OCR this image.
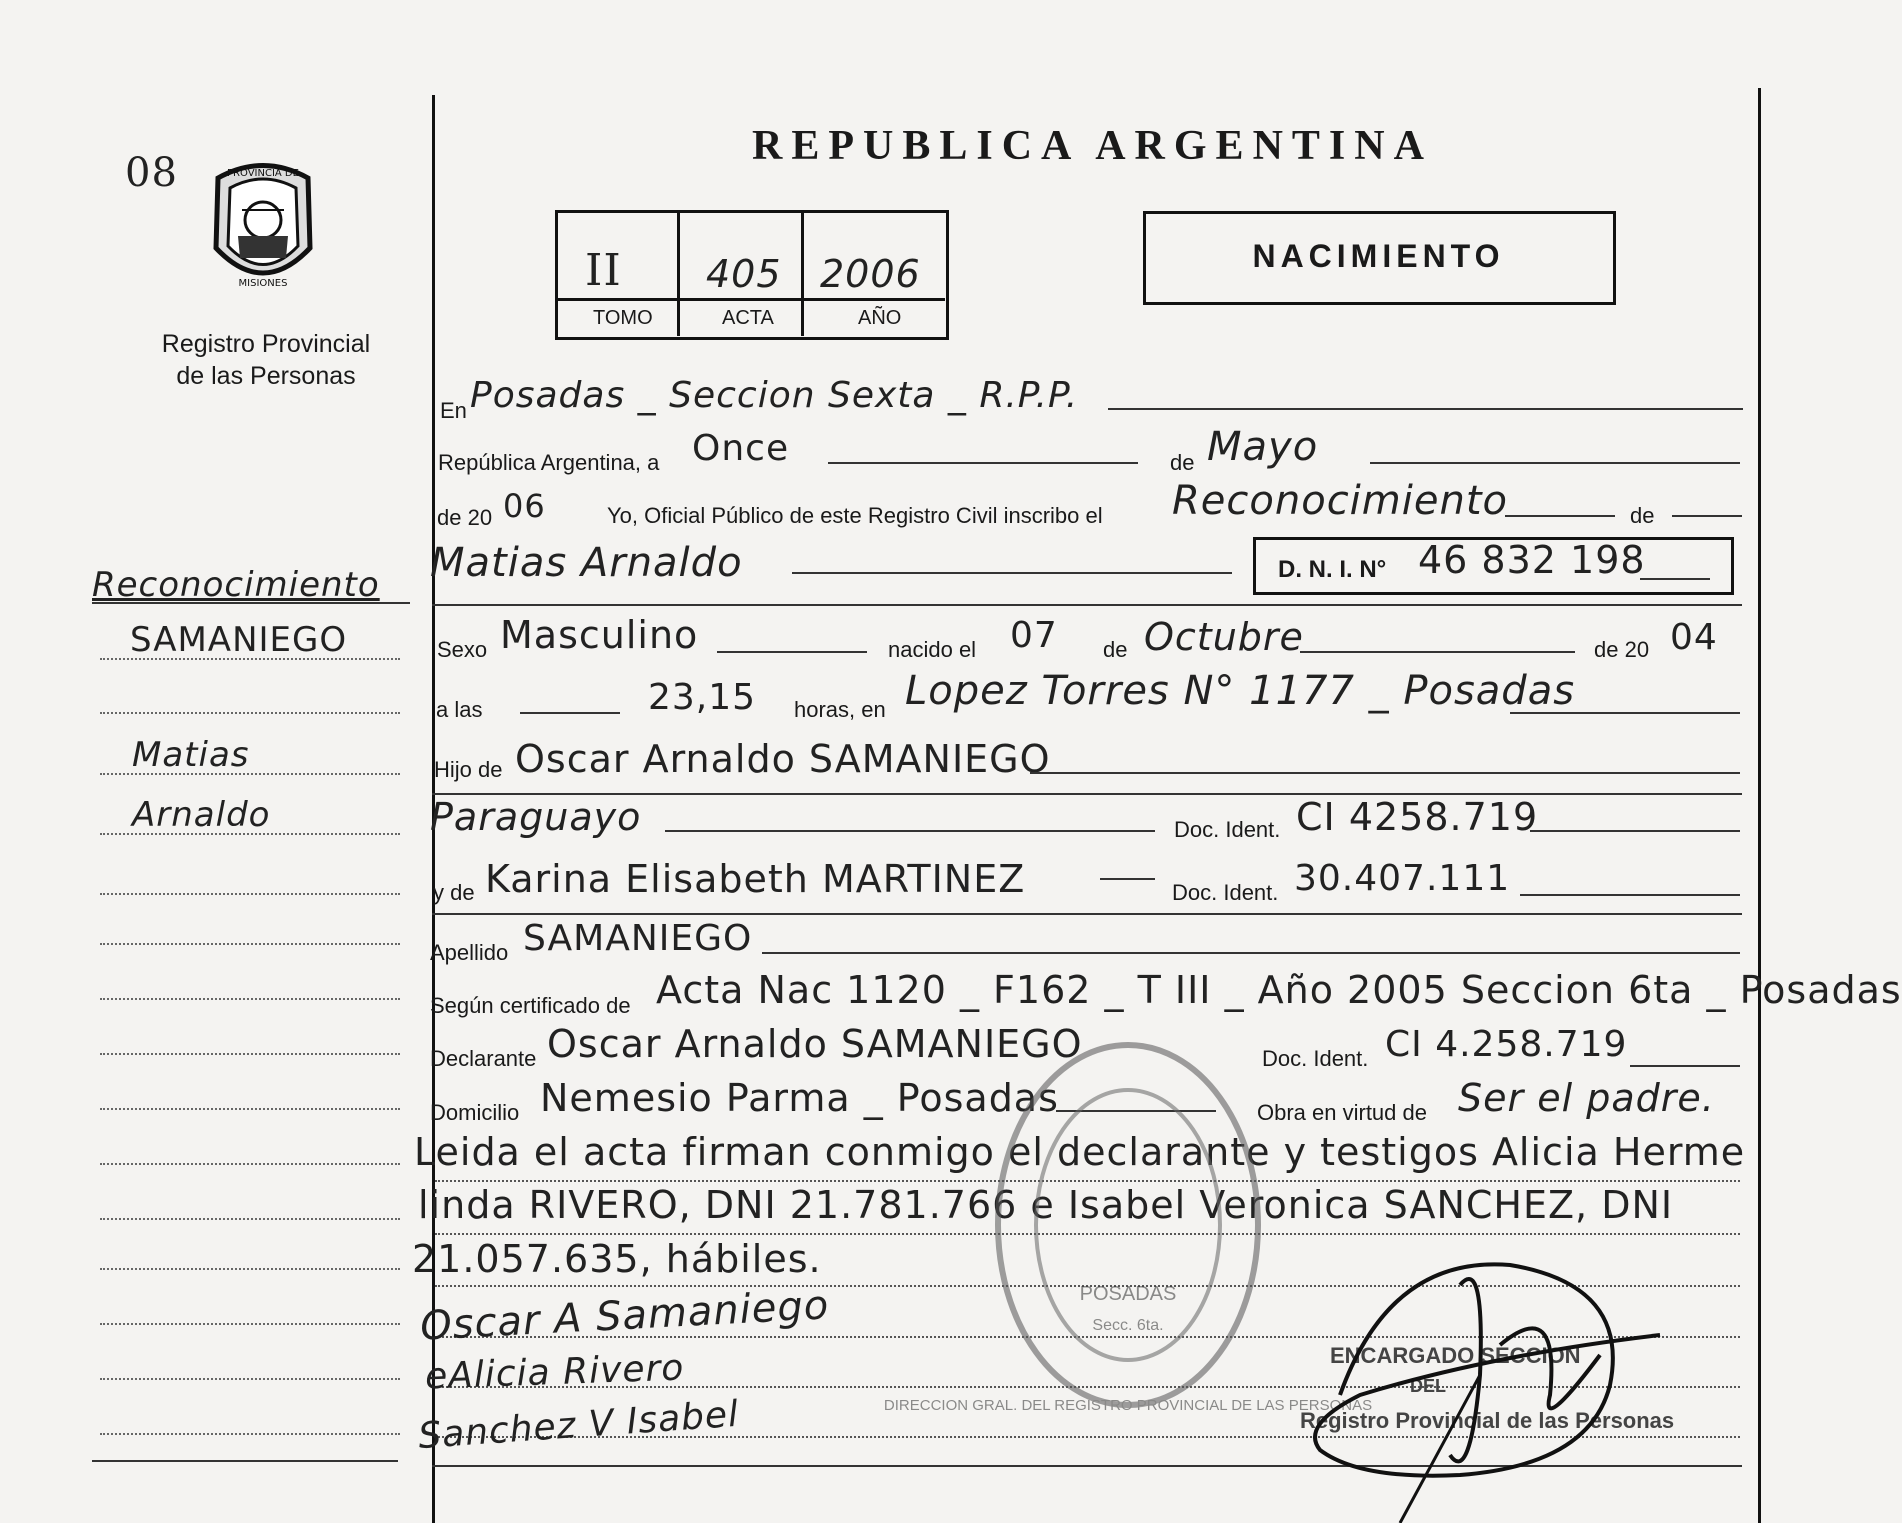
08	PROVINCIA DE
MISIONES
Registro Provincial
de las Personas
REPUBLICA ARGENTINA
II 405 2006
TOMO	ACTA	AÑO
NACIMIENTO
Reconocimiento
SAMANIEGO
Matias
Arnaldo
En Posadas _ Seccion Sexta _ R.P.P.
República Argentina, a Once	de Mayo
de 20 06	Yo, Oficial Público de este Registro Civil inscribo el Reconocimiento	de
Matias Arnaldo	D. N. I. N° 46 832 198
Sexo Masculino	nacido el 07 de Octubre	de 20 04
a las	23,15 horas, en Lopez Torres N° 1177 _ Posadas
Hijo de Oscar Arnaldo SAMANIEGO
Paraguayo	Doc. Ident. CI 4258.719
y de Karina Elisabeth MARTINEZ	Doc. Ident. 30.407.111
Apellido SAMANIEGO
Según certificado de Acta Nac 1120 _ F162 _ T III _ Año 2005 Seccion 6ta _ Posadas
Declarante Oscar Arnaldo SAMANIEGO	Doc. Ident. CI 4.258.719
Domicilio Nemesio Parma _ Posadas	Obra en virtud de Ser el padre.
Leida el acta firman conmigo el declarante y testigos Alicia Herme
linda RIVERO, DNI 21.781.766 e Isabel Veronica SANCHEZ, DNI
21.057.635, hábiles.
Oscar A Samaniego
eAlicia Rivero
Sanchez V Isabel
POSADAS
Secc. 6ta.
DIRECCION GRAL. DEL REGISTRO PROVINCIAL DE LAS PERSONAS
ENCARGADO SECCION
DEL
Registro Provincial de las Personas
